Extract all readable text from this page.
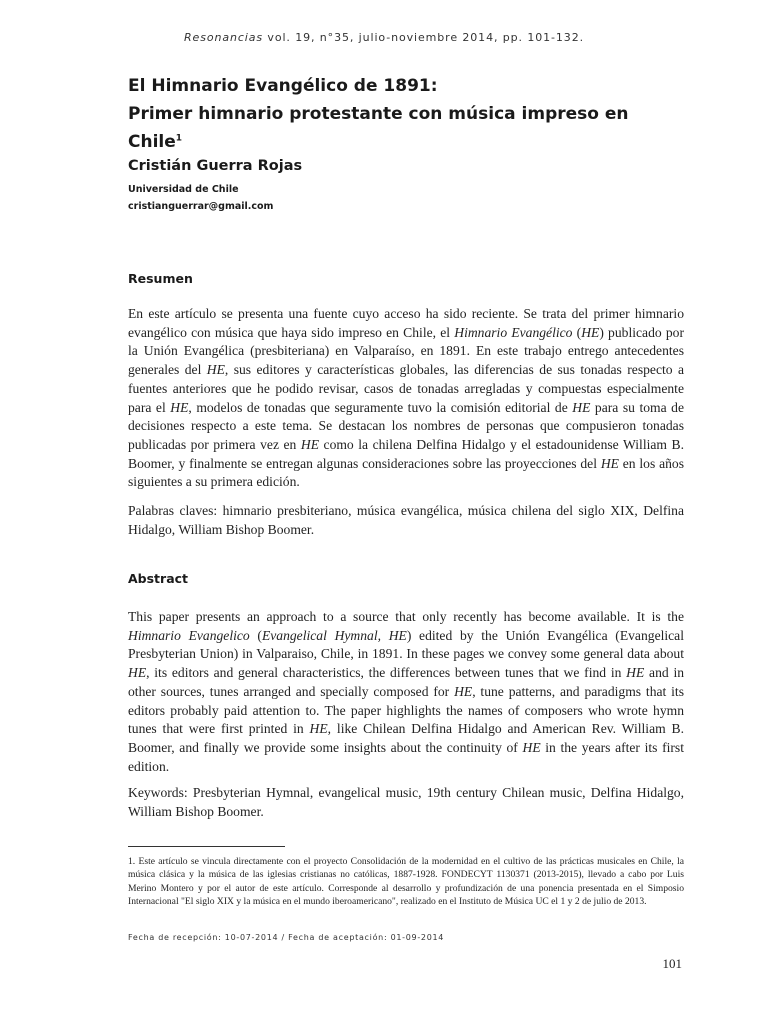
Resonancias vol. 19, n°35, julio-noviembre 2014, pp. 101-132.
El Himnario Evangélico de 1891:
Primer himnario protestante con música impreso en Chile$^1$
Cristián Guerra Rojas
Universidad de Chile
cristianguerrar@gmail.com
Resumen
En este artículo se presenta una fuente cuyo acceso ha sido reciente. Se trata del primer himnario evangélico con música que haya sido impreso en Chile, el Himnario Evangélico (HE) publicado por la Unión Evangélica (presbiteriana) en Valparaíso, en 1891. En este trabajo entrego antecedentes generales del HE, sus editores y características globales, las diferencias de sus tonadas respecto a fuentes anteriores que he podido revisar, casos de tonadas arregladas y compuestas especialmente para el HE, modelos de tonadas que seguramente tuvo la comisión editorial de HE para su toma de decisiones respecto a este tema. Se destacan los nombres de personas que compusieron tonadas publicadas por primera vez en HE como la chilena Delfina Hidalgo y el estadounidense William B. Boomer, y finalmente se entregan algunas consideraciones sobre las proyecciones del HE en los años siguientes a su primera edición.
Palabras claves: himnario presbiteriano, música evangélica, música chilena del siglo XIX, Delfina Hidalgo, William Bishop Boomer.
Abstract
This paper presents an approach to a source that only recently has become available. It is the Himnario Evangelico (Evangelical Hymnal, HE) edited by the Unión Evangélica (Evangelical Presbyterian Union) in Valparaiso, Chile, in 1891. In these pages we convey some general data about HE, its editors and general characteristics, the differences between tunes that we find in HE and in other sources, tunes arranged and specially composed for HE, tune patterns, and paradigms that its editors probably paid attention to. The paper highlights the names of composers who wrote hymn tunes that were first printed in HE, like Chilean Delfina Hidalgo and American Rev. William B. Boomer, and finally we provide some insights about the continuity of HE in the years after its first edition.
Keywords: Presbyterian Hymnal, evangelical music, 19th century Chilean music, Delfina Hidalgo, William Bishop Boomer.
1. Este artículo se vincula directamente con el proyecto Consolidación de la modernidad en el cultivo de las prácticas musicales en Chile, la música clásica y la música de las iglesias cristianas no católicas, 1887-1928. FONDECYT 1130371 (2013-2015), llevado a cabo por Luis Merino Montero y por el autor de este artículo. Corresponde al desarrollo y profundización de una ponencia presentada en el Simposio Internacional "El siglo XIX y la música en el mundo iberoamericano", realizado en el Instituto de Música UC el 1 y 2 de julio de 2013.
Fecha de recepción: 10-07-2014 / Fecha de aceptación: 01-09-2014
101
